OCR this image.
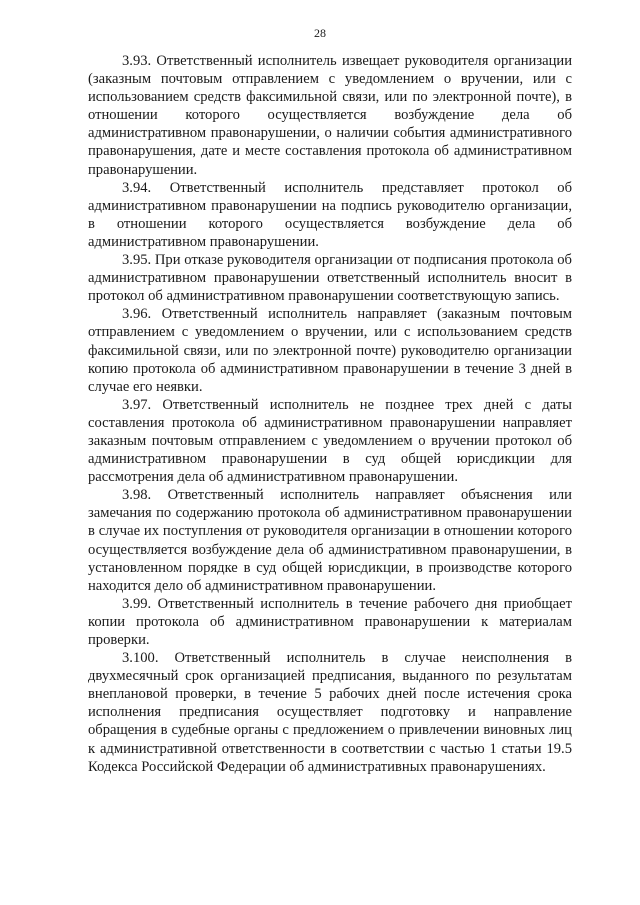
28

3.93. Ответственный исполнитель извещает руководителя организации (заказным почтовым отправлением с уведомлением о вручении, или с использованием средств факсимильной связи, или по электронной почте), в отношении которого осуществляется возбуждение дела об административном правонарушении, о наличии события административного правонарушения, дате и месте составления протокола об административном правонарушении.

3.94. Ответственный исполнитель представляет протокол об административном правонарушении на подпись руководителю организации, в отношении которого осуществляется возбуждение дела об административном правонарушении.

3.95. При отказе руководителя организации от подписания протокола об административном правонарушении ответственный исполнитель вносит в протокол об административном правонарушении соответствующую запись.

3.96. Ответственный исполнитель направляет (заказным почтовым отправлением с уведомлением о вручении, или с использованием средств факсимильной связи, или по электронной почте) руководителю организации копию протокола об административном правонарушении в течение 3 дней в случае его неявки.

3.97. Ответственный исполнитель не позднее трех дней с даты составления протокола об административном правонарушении направляет заказным почтовым отправлением с уведомлением о вручении протокол об административном правонарушении в суд общей юрисдикции для рассмотрения дела об административном правонарушении.

3.98. Ответственный исполнитель направляет объяснения или замечания по содержанию протокола об административном правонарушении в случае их поступления от руководителя организации в отношении которого осуществляется возбуждение дела об административном правонарушении, в установленном порядке в суд общей юрисдикции, в производстве которого находится дело об административном правонарушении.

3.99. Ответственный исполнитель в течение рабочего дня приобщает копии протокола об административном правонарушении к материалам проверки.

3.100. Ответственный исполнитель в случае неисполнения в двухмесячный срок организацией предписания, выданного по результатам внеплановой проверки, в течение 5 рабочих дней после истечения срока исполнения предписания осуществляет подготовку и направление обращения в судебные органы с предложением о привлечении виновных лиц к административной ответственности в соответствии с частью 1 статьи 19.5 Кодекса Российской Федерации об административных правонарушениях.
